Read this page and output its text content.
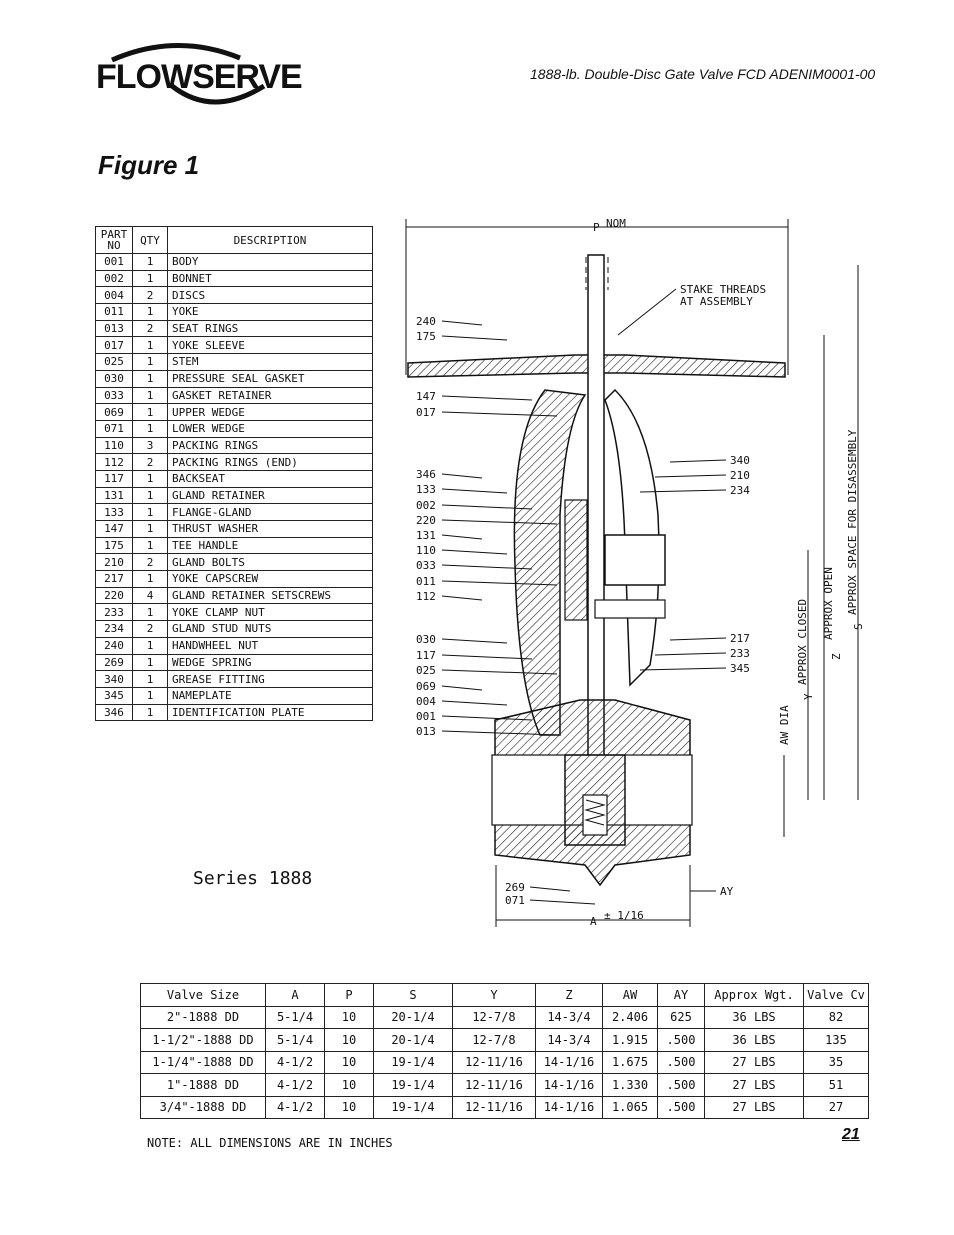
FLOWSERVE	1888-lb. Double-Disc Gate Valve FCD ADENIM0001-00
Figure 1
PART NO	QTY	DESCRIPTION
001	1	BODY
002	1	BONNET
004	2	DISCS
011	1	YOKE
013	2	SEAT RINGS
017	1	YOKE SLEEVE
025	1	STEM
030	1	PRESSURE SEAL GASKET
033	1	GASKET RETAINER
069	1	UPPER WEDGE
071	1	LOWER WEDGE
110	3	PACKING RINGS
112	2	PACKING RINGS (END)
117	1	BACKSEAT
131	1	GLAND RETAINER
133	1	FLANGE-GLAND
147	1	THRUST WASHER
175	1	TEE HANDLE
210	2	GLAND BOLTS
217	1	YOKE CAPSCREW
220	4	GLAND RETAINER SETSCREWS
233	1	YOKE CLAMP NUT
234	2	GLAND STUD NUTS
240	1	HANDWHEEL NUT
269	1	WEDGE SPRING
340	1	GREASE FITTING
345	1	NAMEPLATE
346	1	IDENTIFICATION PLATE
Series 1888
P NOM
A ± 1/16
AY
AW DIA
Y
APPROX CLOSED Z
APPROX OPEN S
APPROX SPACE FOR DISASSEMBLY
STAKE THREADS
AT ASSEMBLY
240
175
147
017
346
133
002
220
131
110
033
011
112
030
117
025
069
004
001
013
269
071
340
210
234
217
233
345
Valve Size	A	P	S	Y	Z	AW	AY	Approx Wgt.	Valve Cv
2"-1888 DD	5-1/4	10	20-1/4	12-7/8	14-3/4	2.406	625	36 LBS	82
1-1/2"-1888 DD	5-1/4	10	20-1/4	12-7/8	14-3/4	1.915	.500	36 LBS	135
1-1/4"-1888 DD	4-1/2	10	19-1/4	12-11/16	14-1/16	1.675	.500	27 LBS	35
1"-1888 DD	4-1/2	10	19-1/4	12-11/16	14-1/16	1.330	.500	27 LBS	51
3/4"-1888 DD	4-1/2	10	19-1/4	12-11/16	14-1/16	1.065	.500	27 LBS	27
NOTE: ALL DIMENSIONS ARE IN INCHES	21
